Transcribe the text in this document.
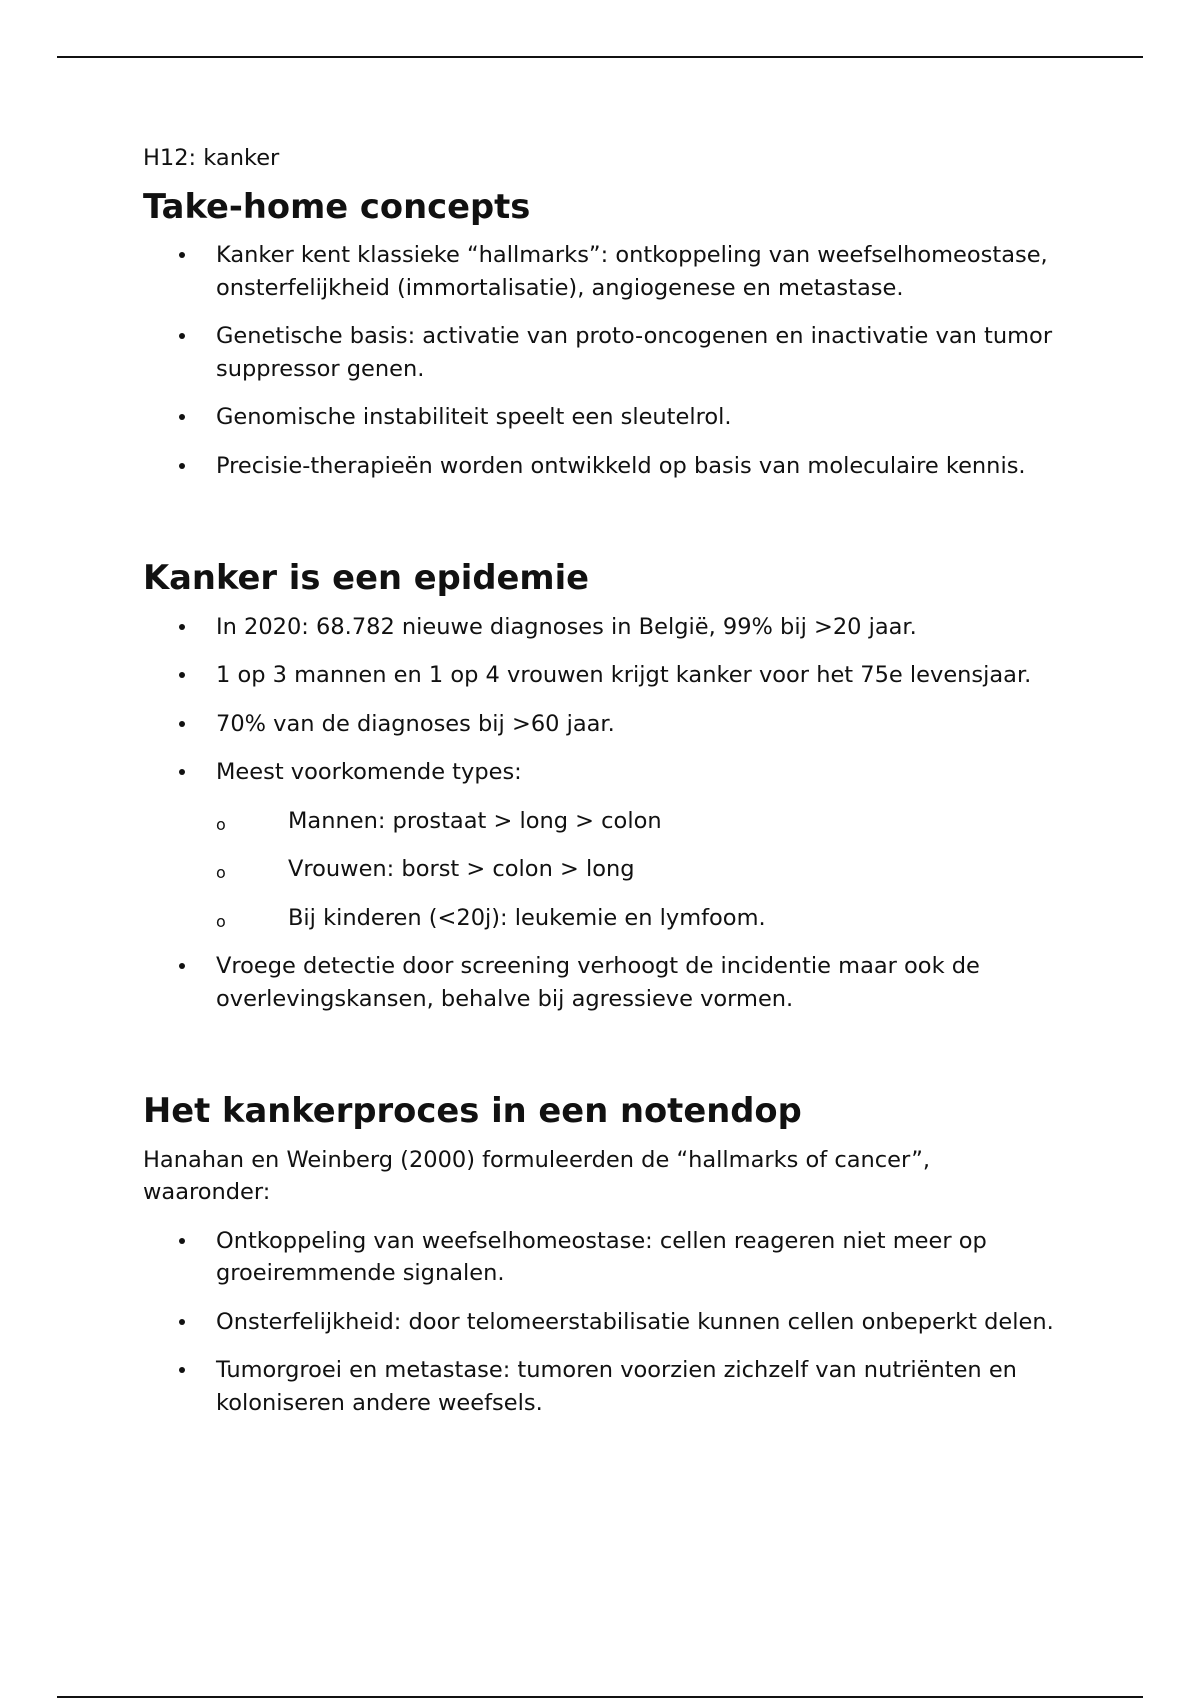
H12: kanker

Take-home concepts
Kanker kent klassieke “hallmarks”: ontkoppeling van weefselhomeostase, onsterfelijkheid (immortalisatie), angiogenese en metastase.
Genetische basis: activatie van proto-oncogenen en inactivatie van tumor suppressor genen.
Genomische instabiliteit speelt een sleutelrol.
Precisie-therapieën worden ontwikkeld op basis van moleculaire kennis.
Kanker is een epidemie
In 2020: 68.782 nieuwe diagnoses in België, 99% bij >20 jaar.
1 op 3 mannen en 1 op 4 vrouwen krijgt kanker voor het 75e levensjaar.
70% van de diagnoses bij >60 jaar.
Meest voorkomende types:
o	Mannen: prostaat > long > colon
o	Vrouwen: borst > colon > long
o	Bij kinderen (<20j): leukemie en lymfoom.
Vroege detectie door screening verhoogt de incidentie maar ook de overlevingskansen, behalve bij agressieve vormen.
Het kankerproces in een notendop

Hanahan en Weinberg (2000) formuleerden de “hallmarks of cancer”, waaronder:

Ontkoppeling van weefselhomeostase: cellen reageren niet meer op groeiremmende signalen.
Onsterfelijkheid: door telomeerstabilisatie kunnen cellen onbeperkt delen.
Tumorgroei en metastase: tumoren voorzien zichzelf van nutriënten en koloniseren andere weefsels.
